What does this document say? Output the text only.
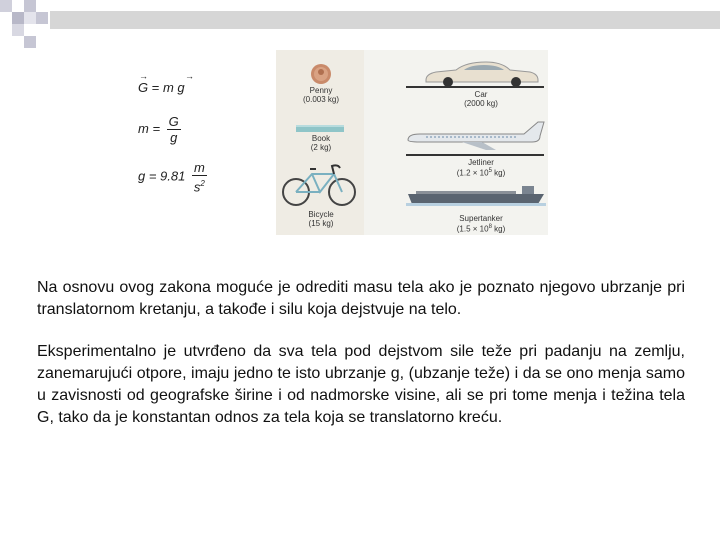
G
→
= m g
→
$m = \frac{G}{g}$
$g = 9.81 \frac{m}{s^2}$
Penny
(0.003 kg)
Book
(2 kg)
Bicycle
(15 kg)
Car
(2000 kg)
Jetliner
($1.2 \times 10^5$ kg)
Supertanker
($1.5 \times 10^8$ kg)

Na osnovu ovog zakona moguće je odrediti masu tela ako je poznato njegovo ubrzanje pri translatornom kretanju, a takođe i silu koja dejstvuje na telo.

Eksperimentalno je utvrđeno da sva tela pod dejstvom sile teže pri padanju na zemlju, zanemarujući otpore, imaju jedno te isto ubrzanje g, (ubzanje teže) i da se ono menja samo u zavisnosti od geografske širine i od nadmorske visine, ali se pri tome menja i težina tela G, tako da je konstantan odnos za tela koja se translatorno kreću.
